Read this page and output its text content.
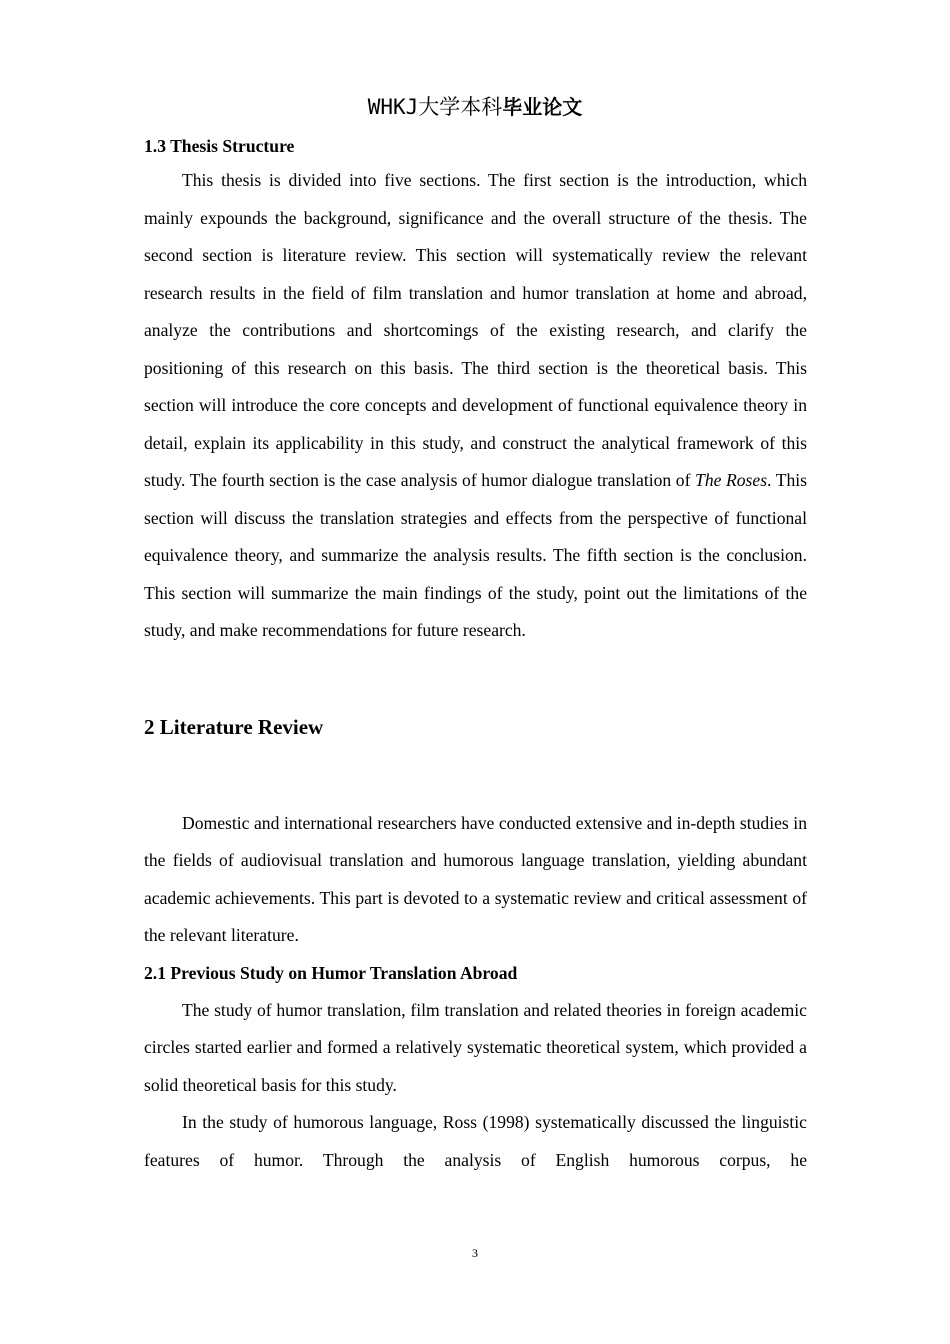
WHKJ大学本科毕业论文
1.3 Thesis Structure

This thesis is divided into five sections. The first section is the introduction, which mainly expounds the background, significance and the overall structure of the thesis. The second section is literature review. This section will systematically review the relevant research results in the field of film translation and humor translation at home and abroad, analyze the contributions and shortcomings of the existing research, and clarify the positioning of this research on this basis. The third section is the theoretical basis. This section will introduce the core concepts and development of functional equivalence theory in detail, explain its applicability in this study, and construct the analytical framework of this study. The fourth section is the case analysis of humor dialogue translation of The Roses. This section will discuss the translation strategies and effects from the perspective of functional equivalence theory, and summarize the analysis results. The fifth section is the conclusion. This section will summarize the main findings of the study, point out the limitations of the study, and make recommendations for future research.

2 Literature Review

Domestic and international researchers have conducted extensive and in-depth studies in the fields of audiovisual translation and humorous language translation, yielding abundant academic achievements. This part is devoted to a systematic review and critical assessment of the relevant literature.

2.1 Previous Study on Humor Translation Abroad

The study of humor translation, film translation and related theories in foreign academic circles started earlier and formed a relatively systematic theoretical system, which provided a solid theoretical basis for this study.

In the study of humorous language, Ross (1998) systematically discussed the linguistic features of humor. Through the analysis of English humorous corpus, he

3
